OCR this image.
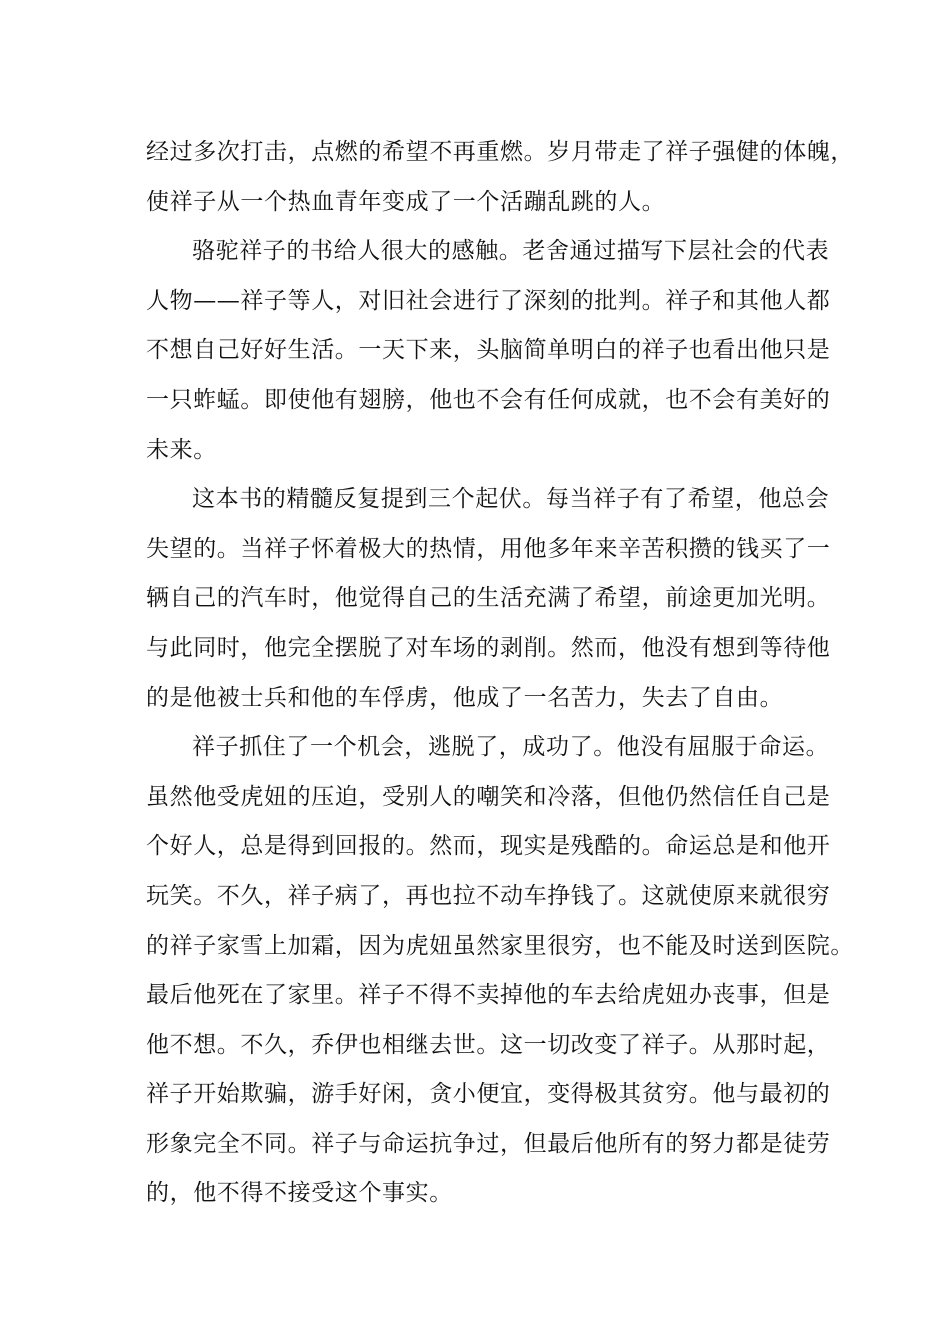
经过多次打击，点燃的希望不再重燃。岁月带走了祥子强健的体魄，
使祥子从一个热血青年变成了一个活蹦乱跳的人。
骆驼祥子的书给人很大的感触。老舍通过描写下层社会的代表
人物——祥子等人，对旧社会进行了深刻的批判。祥子和其他人都
不想自己好好生活。一天下来，头脑简单明白的祥子也看出他只是
一只蚱蜢。即使他有翅膀，他也不会有任何成就，也不会有美好的
未来。
这本书的精髓反复提到三个起伏。每当祥子有了希望，他总会
失望的。当祥子怀着极大的热情，用他多年来辛苦积攒的钱买了一
辆自己的汽车时，他觉得自己的生活充满了希望，前途更加光明。
与此同时，他完全摆脱了对车场的剥削。然而，他没有想到等待他
的是他被士兵和他的车俘虏，他成了一名苦力，失去了自由。
祥子抓住了一个机会，逃脱了，成功了。他没有屈服于命运。
虽然他受虎妞的压迫，受别人的嘲笑和冷落，但他仍然信任自己是
个好人，总是得到回报的。然而，现实是残酷的。命运总是和他开
玩笑。不久，祥子病了，再也拉不动车挣钱了。这就使原来就很穷
的祥子家雪上加霜，因为虎妞虽然家里很穷，也不能及时送到医院。
最后他死在了家里。祥子不得不卖掉他的车去给虎妞办丧事，但是
他不想。不久，乔伊也相继去世。这一切改变了祥子。从那时起，
祥子开始欺骗，游手好闲，贪小便宜，变得极其贫穷。他与最初的
形象完全不同。祥子与命运抗争过，但最后他所有的努力都是徒劳
的，他不得不接受这个事实。
